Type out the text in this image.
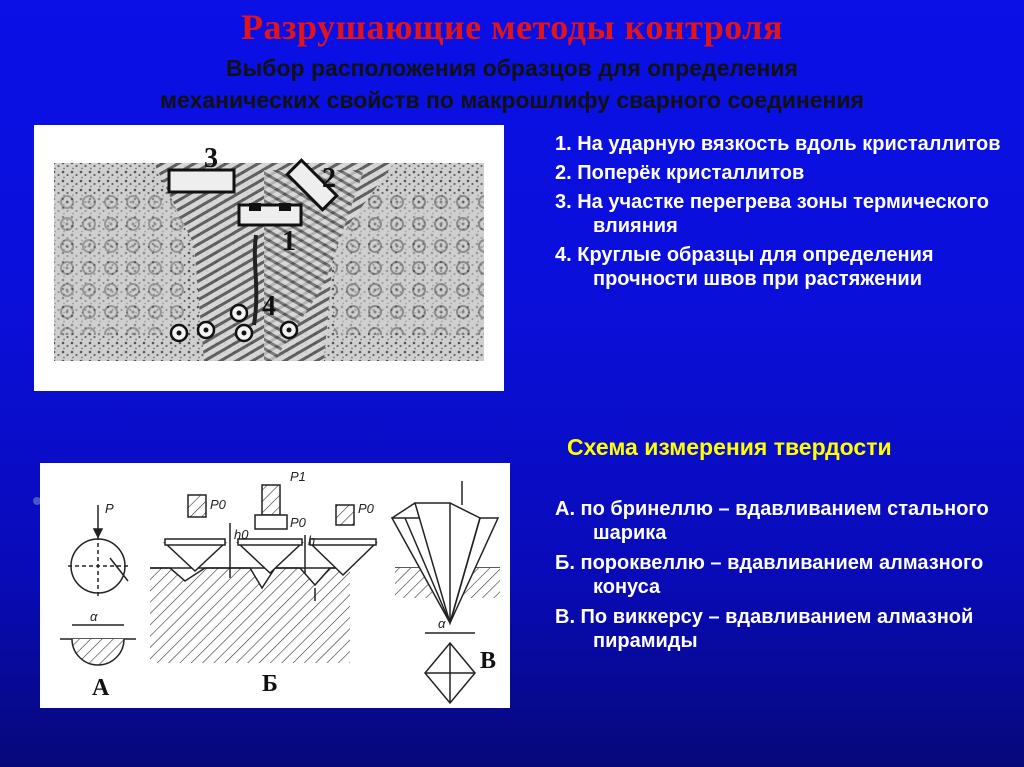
Разрушающие методы контроля
Выбор расположения образцов для определения
механических свойств по макрошлифу сварного соединения
1
2
3
4
1. На ударную вязкость вдоль кристаллитов
2. Поперёк кристаллитов
3. На участке перегрева зоны термического влияния
4. Круглые образцы для определения прочности швов при растяжении
P	P0
P1
P0
P0
h0	h
α	α
А	Б
В
Схема измерения твердости
А. по бринеллю – вдавливанием стального шарика
Б. пороквеллю – вдавливанием алмазного конуса
В. По виккерсу – вдавливанием алмазной пирамиды
